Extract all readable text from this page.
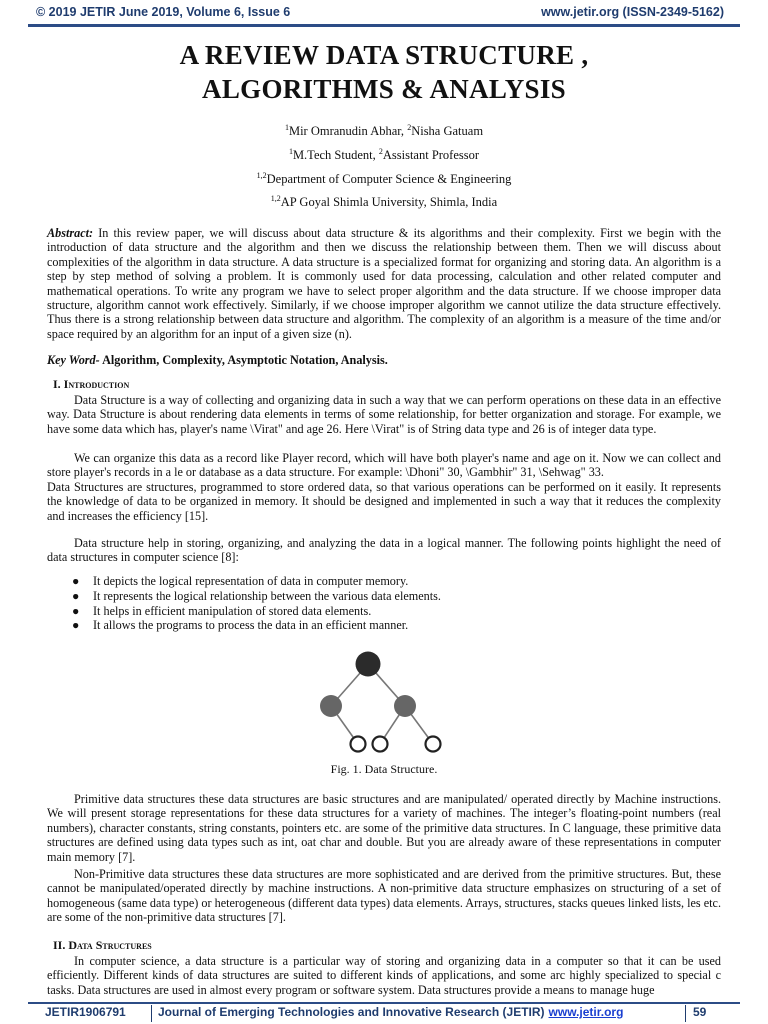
© 2019 JETIR June 2019, Volume 6, Issue 6	www.jetir.org (ISSN-2349-5162)
A REVIEW DATA STRUCTURE ,
ALGORITHMS & ANALYSIS
$^1$Mir Omranudin Abhar, $^2$Nisha Gatuam
$^1$M.Tech Student, $^2$Assistant Professor
$^{1,2}$Department of Computer Science & Engineering
$^{1,2}$AP Goyal Shimla University, Shimla, India
Abstract: In this review paper, we will discuss about data structure & its algorithms and their complexity. First we begin with the introduction of data structure and the algorithm and then we discuss the relationship between them. Then we will discuss about complexities of the algorithm in data structure. A data structure is a specialized format for organizing and storing data. An algorithm is a step by step method of solving a problem. It is commonly used for data processing, calculation and other related computer and mathematical operations. To write any program we have to select proper algorithm and the data structure. If we choose improper data structure, algorithm cannot work effectively. Similarly, if we choose improper algorithm we cannot utilize the data structure effectively. Thus there is a strong relationship between data structure and algorithm. The complexity of an algorithm is a measure of the time and/or space required by an algorithm for an input of a given size (n).
Key Word- Algorithm, Complexity, Asymptotic Notation, Analysis.
I. Introduction
Data Structure is a way of collecting and organizing data in such a way that we can perform operations on these data in an effective way. Data Structure is about rendering data elements in terms of some relationship, for better organization and storage. For example, we have some data which has, player's name \Virat" and age 26. Here \Virat" is of String data type and 26 is of integer data type.
We can organize this data as a record like Player record, which will have both player's name and age on it. Now we can collect and store player's records in a le or database as a data structure. For example: \Dhoni" 30, \Gambhir" 31, \Sehwag" 33.
Data Structures are structures, programmed to store ordered data, so that various operations can be performed on it easily. It represents the knowledge of data to be organized in memory. It should be designed and implemented in such a way that it reduces the complexity and increases the efficiency [15].
Data structure help in storing, organizing, and analyzing the data in a logical manner. The following points highlight the need of data structures in computer science [8]:
● It depicts the logical representation of data in computer memory.
● It represents the logical relationship between the various data elements.
● It helps in efficient manipulation of stored data elements.
● It allows the programs to process the data in an efficient manner.
Fig. 1. Data Structure.
Primitive data structures these data structures are basic structures and are manipulated/ operated directly by Machine instructions. We will present storage representations for these data structures for a variety of machines. The integer’s floating-point numbers (real numbers), character constants, string constants, pointers etc. are some of the primitive data structures. In C language, these primitive data structures are defined using data types such as int, oat char and double. But you are already aware of these representations in computer main memory [7].
Non-Primitive data structures these data structures are more sophisticated and are derived from the primitive structures. But, these cannot be manipulated/operated directly by machine instructions. A non-primitive data structure emphasizes on structuring of a set of homogeneous (same data type) or heterogeneous (different data types) data elements. Arrays, structures, stacks queues linked lists, les etc. are some of the non-primitive data structures [7].
II. Data Structures
In computer science, a data structure is a particular way of storing and organizing data in a computer so that it can be used efficiently. Different kinds of data structures are suited to different kinds of applications, and some arc highly specialized to special c tasks. Data structures are used in almost every program or software system. Data structures provide a means to manage huge
JETIR1906791	Journal of Emerging Technologies and Innovative Research (JETIR) www.jetir.org	59
